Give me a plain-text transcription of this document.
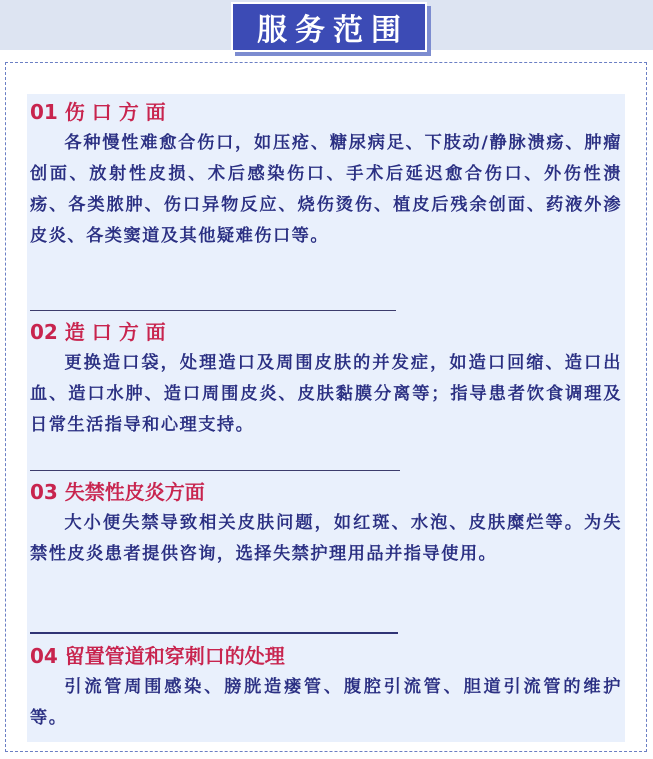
服务范围
01 伤 口 方 面
各种慢性难愈合伤口，如压疮、糖尿病足、下肢动/静脉溃疡、肿瘤创面、放射性皮损、术后感染伤口、手术后延迟愈合伤口、外伤性溃疡、各类脓肿、伤口异物反应、烧伤烫伤、植皮后残余创面、药液外渗皮炎、各类窦道及其他疑难伤口等。
02 造 口 方 面
更换造口袋，处理造口及周围皮肤的并发症，如造口回缩、造口出血、造口水肿、造口周围皮炎、皮肤黏膜分离等；指导患者饮食调理及日常生活指导和心理支持。
03 失禁性皮炎方面
大小便失禁导致相关皮肤问题，如红斑、水泡、皮肤糜烂等。为失禁性皮炎患者提供咨询，选择失禁护理用品并指导使用。
04 留置管道和穿刺口的处理
引流管周围感染、膀胱造瘘管、腹腔引流管、胆道引流管的维护等。
